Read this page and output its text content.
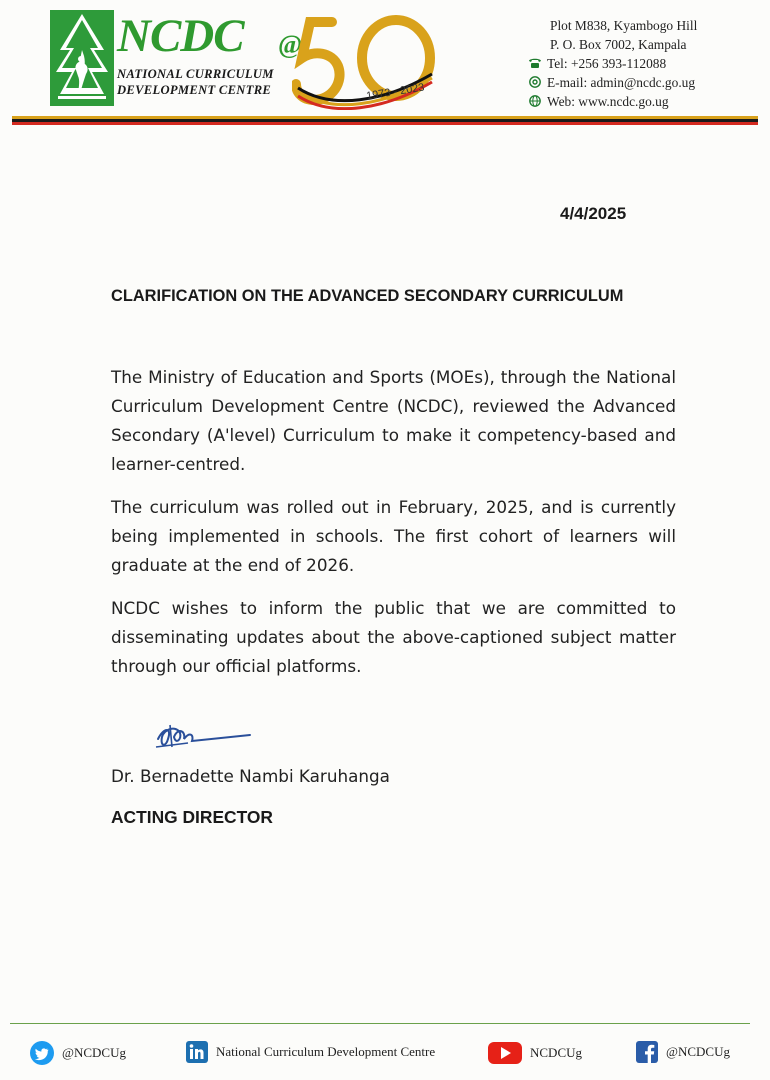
NCDC @
1973 - 2023
NATIONAL CURRICULUM
DEVELOPMENT CENTRE
Plot M838, Kyambogo Hill
P. O. Box 7002, Kampala
Tel: +256 393-112088
E-mail: admin@ncdc.go.ug
Web: www.ncdc.go.ug
4/4/2025
CLARIFICATION ON THE ADVANCED SECONDARY CURRICULUM

The Ministry of Education and Sports (MOEs), through the National Curriculum Development Centre (NCDC), reviewed the Advanced Secondary (A'level) Curriculum to make it competency-based and learner-centred.

The curriculum was rolled out in February, 2025, and is currently being implemented in schools. The first cohort of learners will graduate at the end of 2026.

NCDC wishes to inform the public that we are committed to disseminating updates about the above-captioned subject matter through our official platforms.

Dr. Bernadette Nambi Karuhanga
ACTING DIRECTOR
@NCDCUg	National Curriculum Development Centre	NCDCUg	@NCDCUg
